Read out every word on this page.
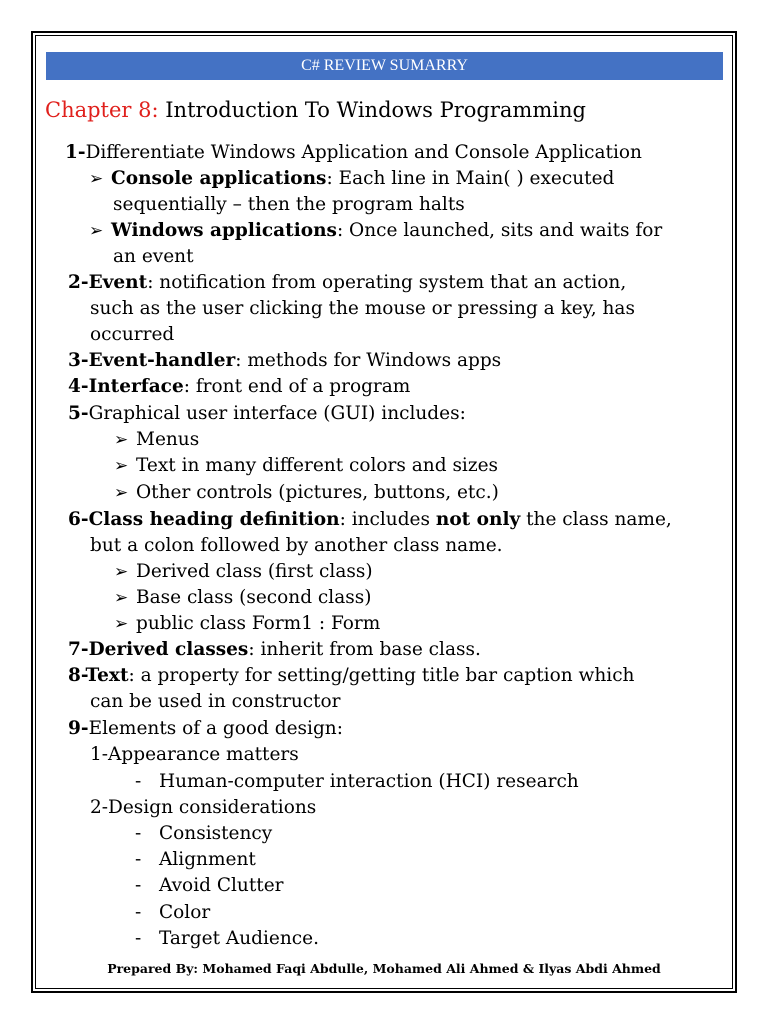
C# REVIEW SUMARRY
Chapter 8: Introduction To Windows Programming
1-Differentiate Windows Application and Console Application
➢ Console applications: Each line in Main( ) executed
sequentially – then the program halts
➢ Windows applications: Once launched, sits and waits for
an event
2-Event: notification from operating system that an action,
such as the user clicking the mouse or pressing a key, has
occurred
3-Event-handler: methods for Windows apps
4-Interface: front end of a program
5-Graphical user interface (GUI) includes:
➢ Menus
➢ Text in many different colors and sizes
➢ Other controls (pictures, buttons, etc.)
6-Class heading definition: includes not only the class name,
but a colon followed by another class name.
➢ Derived class (first class)
➢ Base class (second class)
➢ public class Form1 : Form
7-Derived classes: inherit from base class.
8-Text: a property for setting/getting title bar caption which
can be used in constructor
9-Elements of a good design:
1-Appearance matters
- Human-computer interaction (HCI) research
2-Design considerations
- Consistency
- Alignment
- Avoid Clutter
- Color
- Target Audience.
Prepared By: Mohamed Faqi Abdulle, Mohamed Ali Ahmed & Ilyas Abdi Ahmed
